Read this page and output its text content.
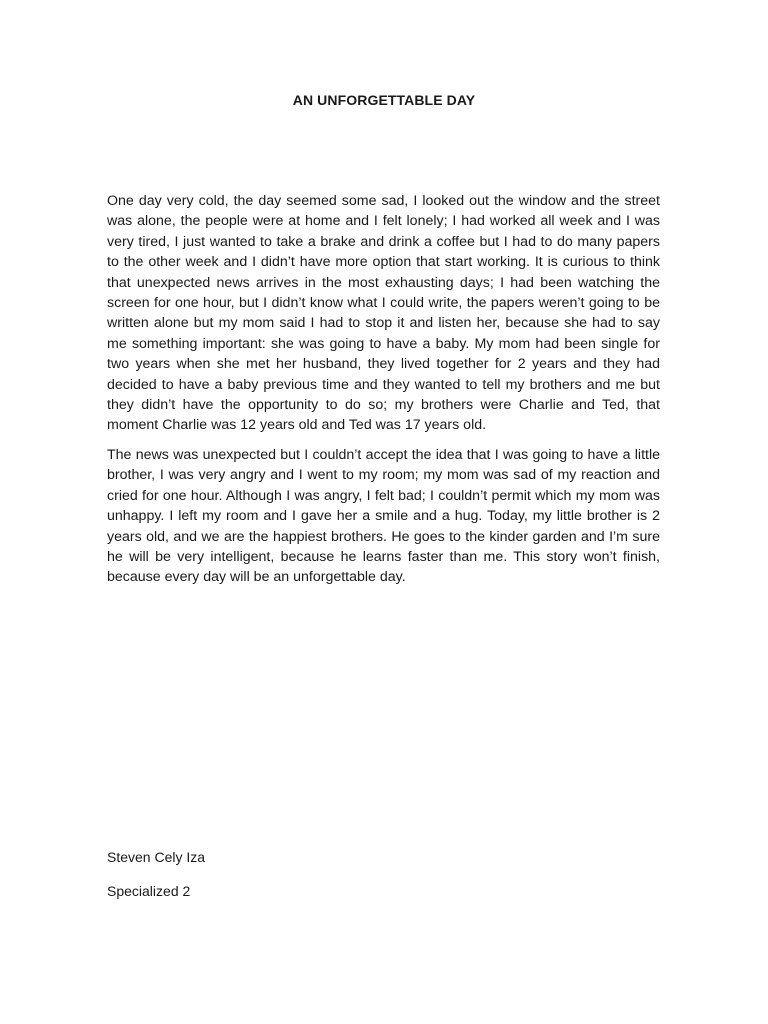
AN UNFORGETTABLE DAY

One day very cold, the day seemed some sad, I looked out the window and the street was alone, the people were at home and I felt lonely; I had worked all week and I was very tired, I just wanted to take a brake and drink a coffee but I had to do many papers to the other week and I didn’t have more option that start working. It is curious to think that unexpected news arrives in the most exhausting days; I had been watching the screen for one hour, but I didn’t know what I could write, the papers weren’t going to be written alone but my mom said I had to stop it and listen her, because she had to say me something important: she was going to have a baby. My mom had been single for two years when she met her husband, they lived together for 2 years and they had decided to have a baby previous time and they wanted to tell my brothers and me but they didn’t have the opportunity to do so; my brothers were Charlie and Ted, that moment Charlie was 12 years old and Ted was 17 years old.

The news was unexpected but I couldn’t accept the idea that I was going to have a little brother, I was very angry and I went to my room; my mom was sad of my reaction and cried for one hour. Although I was angry, I felt bad; I couldn’t permit which my mom was unhappy. I left my room and I gave her a smile and a hug. Today, my little brother is 2 years old, and we are the happiest brothers. He goes to the kinder garden and I’m sure he will be very intelligent, because he learns faster than me. This story won’t finish, because every day will be an unforgettable day.

Steven Cely Iza

Specialized 2
